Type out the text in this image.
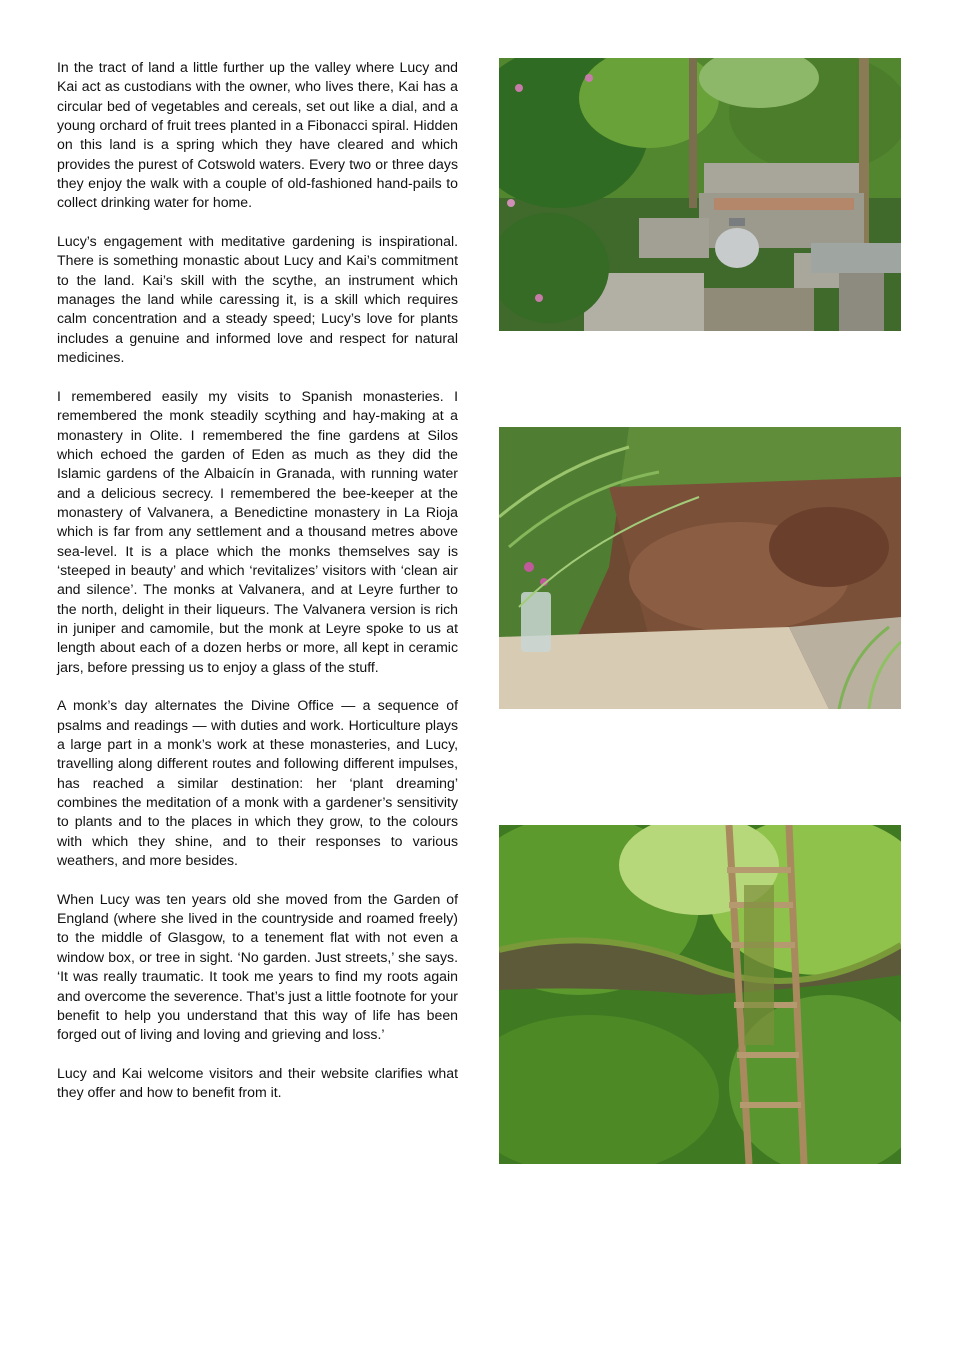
In the tract of land a little further up the valley where Lucy and Kai act as custodians with the owner, who lives there, Kai has a circular bed of vegetables and cereals, set out like a dial, and a young orchard of fruit trees planted in a Fibonacci spiral. Hidden on this land is a spring which they have cleared and which provides the purest of Cotswold waters. Every two or three days they enjoy the walk with a couple of old-fashioned hand-pails to collect drinking water for home.

Lucy’s engagement with meditative gardening is inspirational. There is something monastic about Lucy and Kai’s commitment to the land. Kai’s skill with the scythe, an instrument which manages the land while caressing it, is a skill which requires calm concentration and a steady speed; Lucy’s love for plants includes a genuine and informed love and respect for natural medicines.

I remembered easily my visits to Spanish monasteries. I remembered the monk steadily scything and hay-making at a monastery in Olite. I remembered the fine gardens at Silos which echoed the garden of Eden as much as they did the Islamic gardens of the Albaicín in Granada, with running water and a delicious secrecy. I remembered the bee-keeper at the monastery of Valvanera, a Benedictine monastery in La Rioja which is far from any settlement and a thousand metres above sea-level. It is a place which the monks themselves say is ‘steeped in beauty’ and which ‘revitalizes’ visitors with ‘clean air and silence’. The monks at Valvanera, and at Leyre further to the north, delight in their liqueurs. The Valvanera version is rich in juniper and camomile, but the monk at Leyre spoke to us at length about each of a dozen herbs or more, all kept in ceramic jars, before pressing us to enjoy a glass of the stuff.

A monk’s day alternates the Divine Office — a sequence of psalms and readings — with duties and work. Horticulture plays a large part in a monk’s work at these monasteries, and Lucy, travelling along different routes and following different impulses, has reached a similar destination: her ‘plant dreaming’ combines the meditation of a monk with a gardener’s sensitivity to plants and to the places in which they grow, to the colours with which they shine, and to their responses to various weathers, and more besides.

When Lucy was ten years old she moved from the Garden of England (where she lived in the countryside and roamed freely) to the middle of Glasgow, to a tenement flat with not even a window box, or tree in sight. ‘No garden. Just streets,’ she says. ‘It was really traumatic. It took me years to find my roots again and overcome the severence. That’s just a little footnote for your benefit to help you understand that this way of life has been forged out of living and loving and grieving and loss.’

Lucy and Kai welcome visitors and their website clarifies what they offer and how to benefit from it.
